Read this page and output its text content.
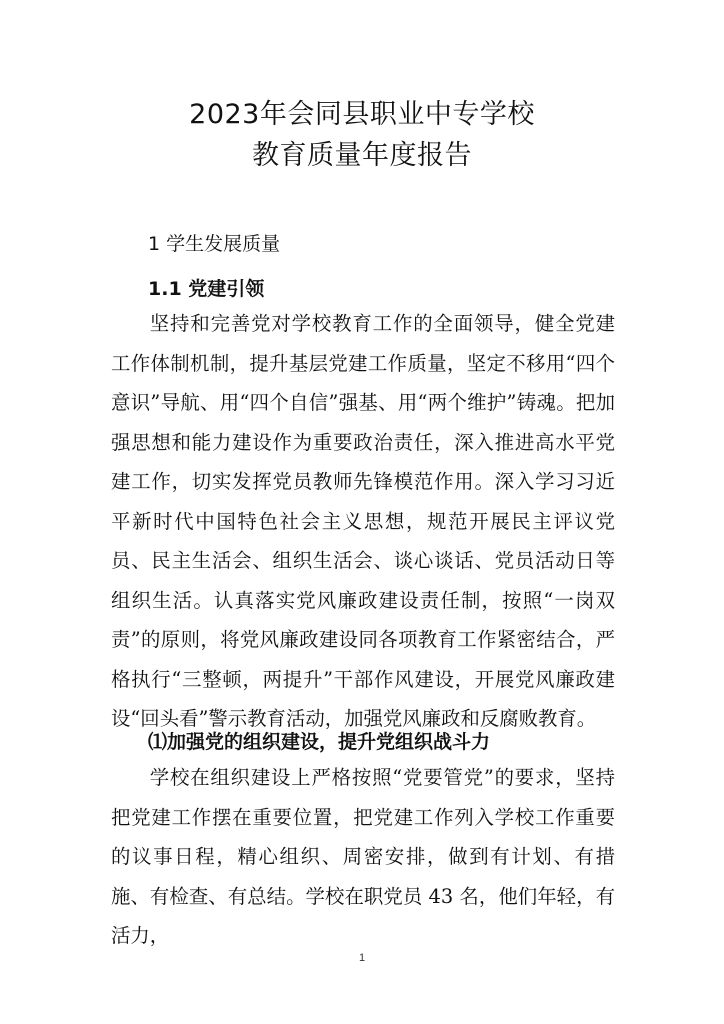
2023年会同县职业中专学校
教育质量年度报告
1 学生发展质量
1.1 党建引领

坚持和完善党对学校教育工作的全面领导，健全党建工作体制机制，提升基层党建工作质量，坚定不移用“四个意识”导航、用“四个自信”强基、用“两个维护”铸魂。把加强思想和能力建设作为重要政治责任，深入推进高水平党建工作，切实发挥党员教师先锋模范作用。深入学习习近平新时代中国特色社会主义思想，规范开展民主评议党员、民主生活会、组织生活会、谈心谈话、党员活动日等组织生活。认真落实党风廉政建设责任制，按照“一岗双责”的原则，将党风廉政建设同各项教育工作紧密结合，严格执行“三整顿，两提升”干部作风建设，开展党风廉政建设“回头看”警示教育活动，加强党风廉政和反腐败教育。

⑴加强党的组织建设，提升党组织战斗力

学校在组织建设上严格按照“党要管党”的要求，坚持把党建工作摆在重要位置，把党建工作列入学校工作重要的议事日程，精心组织、周密安排，做到有计划、有措施、有检查、有总结。学校在职党员 43 名，他们年轻，有活力，

1
